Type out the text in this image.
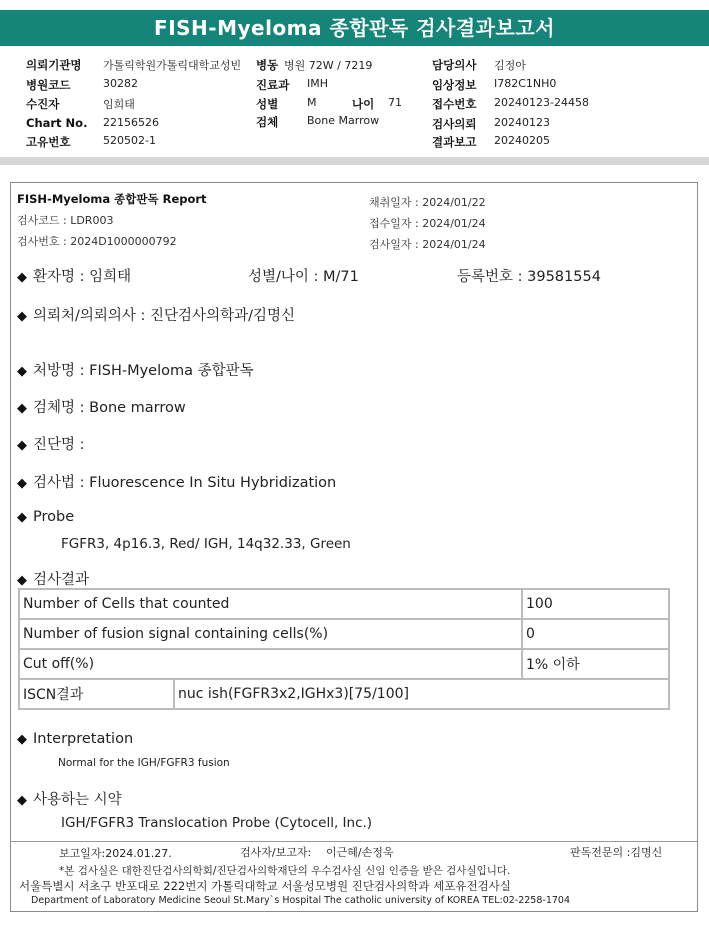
FISH-Myeloma 종합판독 검사결과보고서
의뢰기관명 가톨릭학원가톨릭대학교성빈
병원코드	30282
수진자	임희태
Chart No. 22156526
고유번호	520502-1
병동 병원 72W / 7219
진료과 IMH
성별	M	나이 71
검체	Bone Marrow
담당의사 김정아
임상정보 I782C1NH0
접수번호 20240123-24458
검사의뢰 20240123
결과보고 20240205
FISH-Myeloma 종합판독 Report
검사코드 : LDR003
검사번호 : 2024D1000000792
채취일자 : 2024/01/22
접수일자 : 2024/01/24
검사일자 : 2024/01/24
◆ 환자명 : 임희태	성별/나이 : M/71	등록번호 : 39581554
◆ 의뢰처/의뢰의사 : 진단검사의학과/김명신
◆ 처방명 : FISH-Myeloma 종합판독
◆ 검체명 : Bone marrow
◆ 진단명 :
◆ 검사법 : Fluorescence In Situ Hybridization
◆ Probe
FGFR3, 4p16.3, Red/ IGH, 14q32.33, Green
◆ 검사결과
Number of Cells that counted		100
Number of fusion signal containing cells(%)		0
Cut off(%)		1% 이하
ISCN결과	nuc ish(FGFR3x2,IGHx3)[75/100]	
◆ Interpretation
Normal for the IGH/FGFR3 fusion
◆ 사용하는 시약
IGH/FGFR3 Translocation Probe (Cytocell, Inc.)
보고일자:2024.01.27.	검사자/보고자: 이근혜/손정욱	판독전문의 :김명신
*본 검사실은 대한진단검사의학회/진단검사의학재단의 우수검사실 신임 인증을 받은 검사실입니다.
서울특별시 서초구 반포대로 222번지 가톨릭대학교 서울성모병원 진단검사의학과 세포유전검사실
Department of Laboratory Medicine Seoul St.Mary`s Hospital The catholic university of KOREA TEL:02-2258-1704
